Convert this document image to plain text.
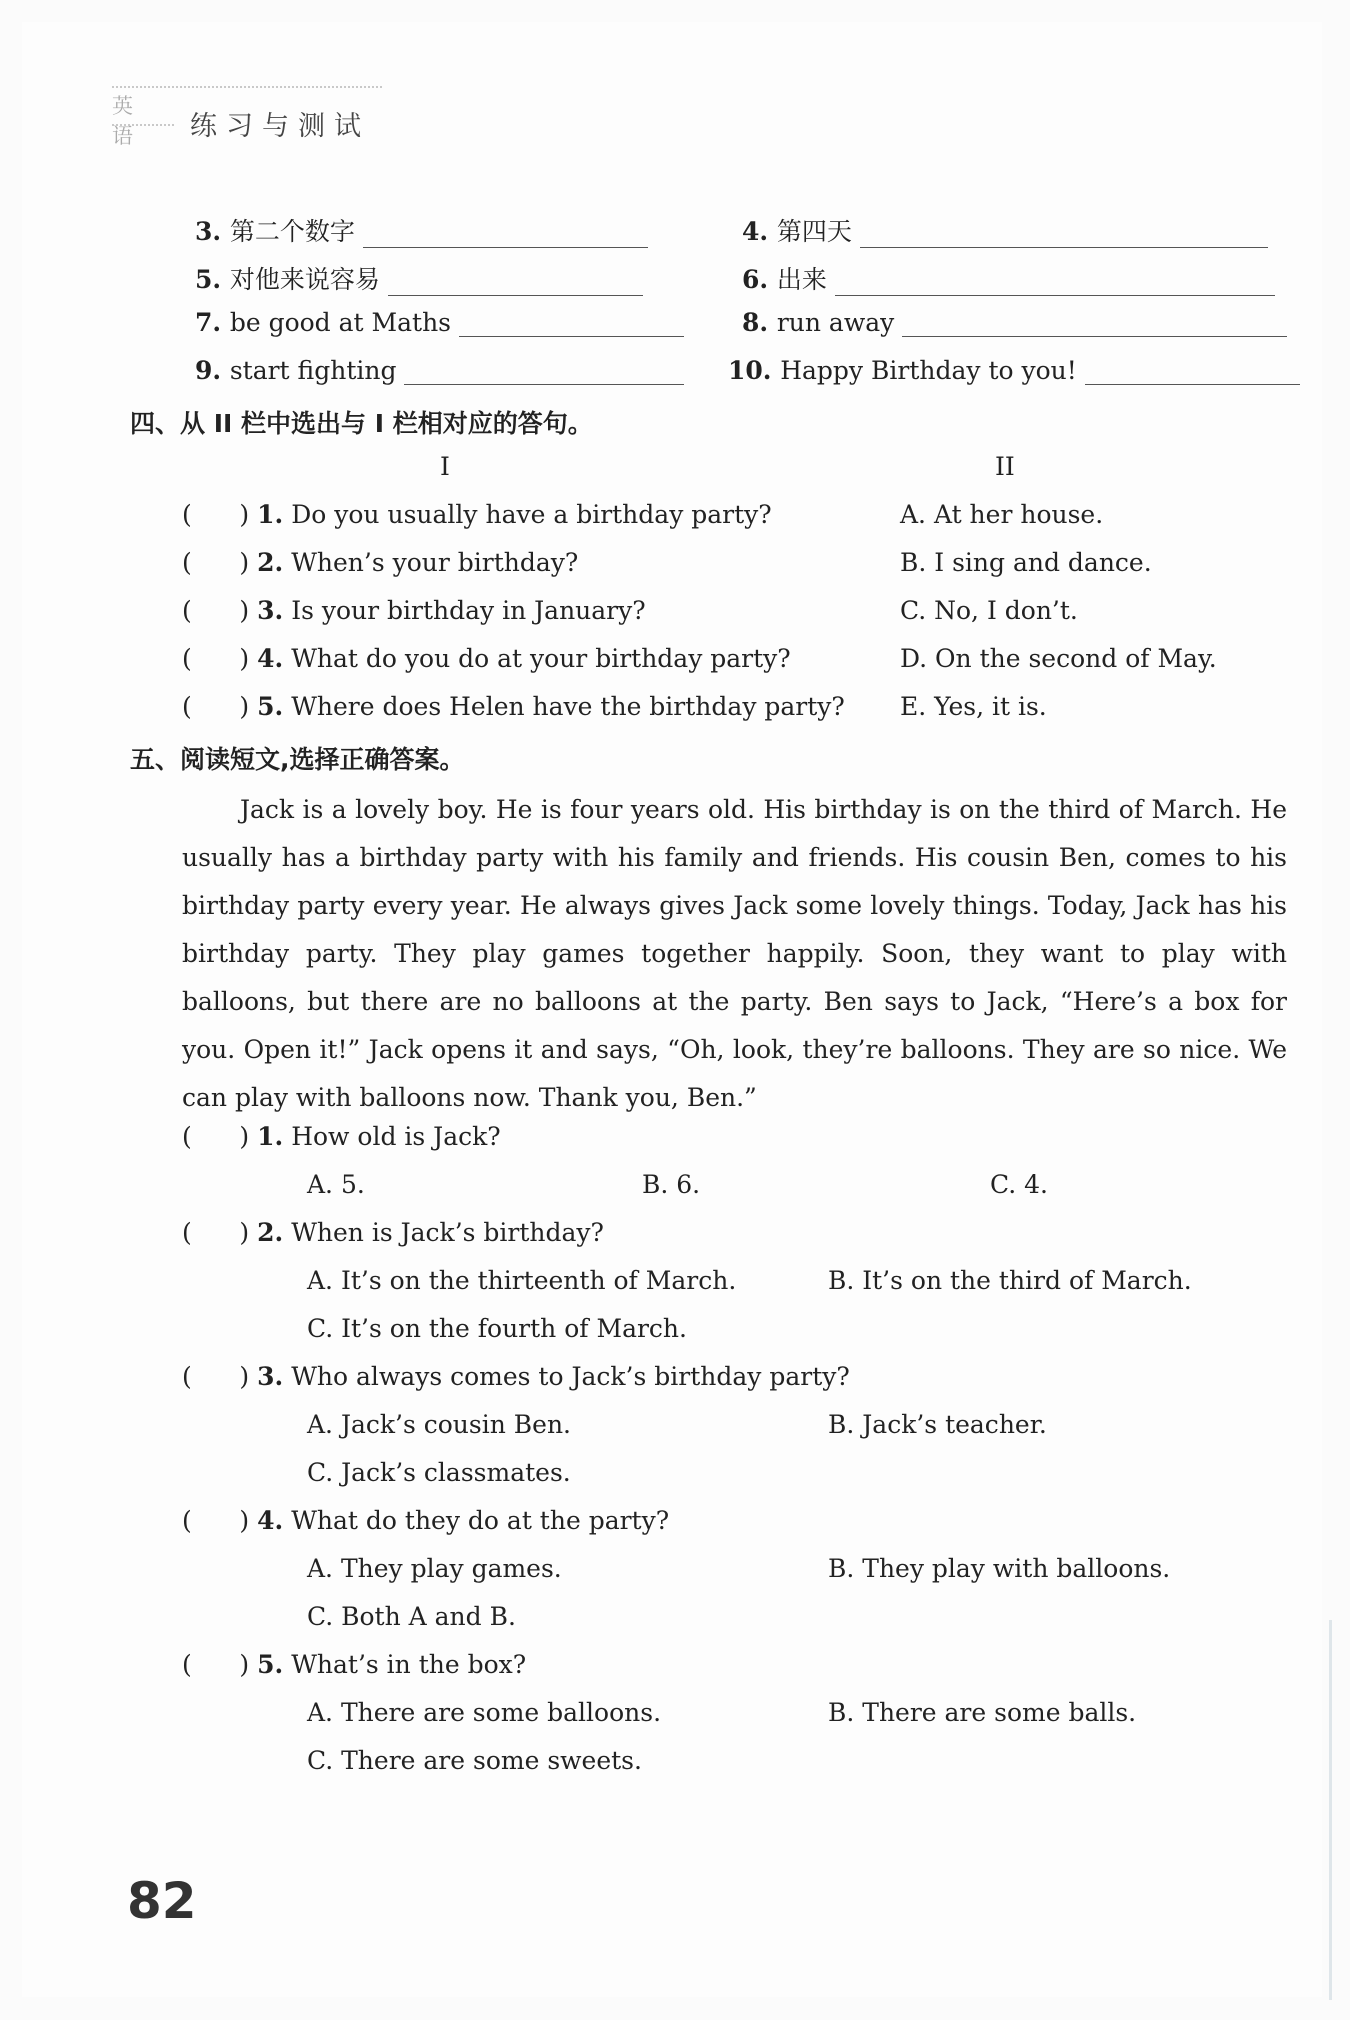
英语 练习与测试
3. 第二个数字	4. 第四天
5. 对他来说容易	6. 出来
7. be good at Maths	8. run away
9. start fighting	10. Happy Birthday to you!
四、从 II 栏中选出与 I 栏相对应的答句。
I	II
(      ) 1. Do you usually have a birthday party?	A. At her house.
(      ) 2. When’s your birthday?	B. I sing and dance.
(      ) 3. Is your birthday in January?	C. No, I don’t.
(      ) 4. What do you do at your birthday party?	D. On the second of May.
(      ) 5. Where does Helen have the birthday party? E. Yes, it is.
五、阅读短文,选择正确答案。

Jack is a lovely boy. He is four years old. His birthday is on the third of March. He usually has a birthday party with his family and friends. His cousin Ben, comes to his birthday party every year. He always gives Jack some lovely things. Today, Jack has his birthday party. They play games together happily. Soon, they want to play with balloons, but there are no balloons at the party. Ben says to Jack, “Here’s a box for you. Open it!” Jack opens it and says, “Oh, look, they’re balloons. They are so nice. We can play with balloons now. Thank you, Ben.”

(      ) 1. How old is Jack?
A. 5.	B. 6.	C. 4.
(      ) 2. When is Jack’s birthday?
A. It’s on the thirteenth of March.	B. It’s on the third of March.
C. It’s on the fourth of March.
(      ) 3. Who always comes to Jack’s birthday party?
A. Jack’s cousin Ben.	B. Jack’s teacher.
C. Jack’s classmates.
(      ) 4. What do they do at the party?
A. They play games.	B. They play with balloons.
C. Both A and B.
(      ) 5. What’s in the box?
A. There are some balloons.	B. There are some balls.
C. There are some sweets.
82
